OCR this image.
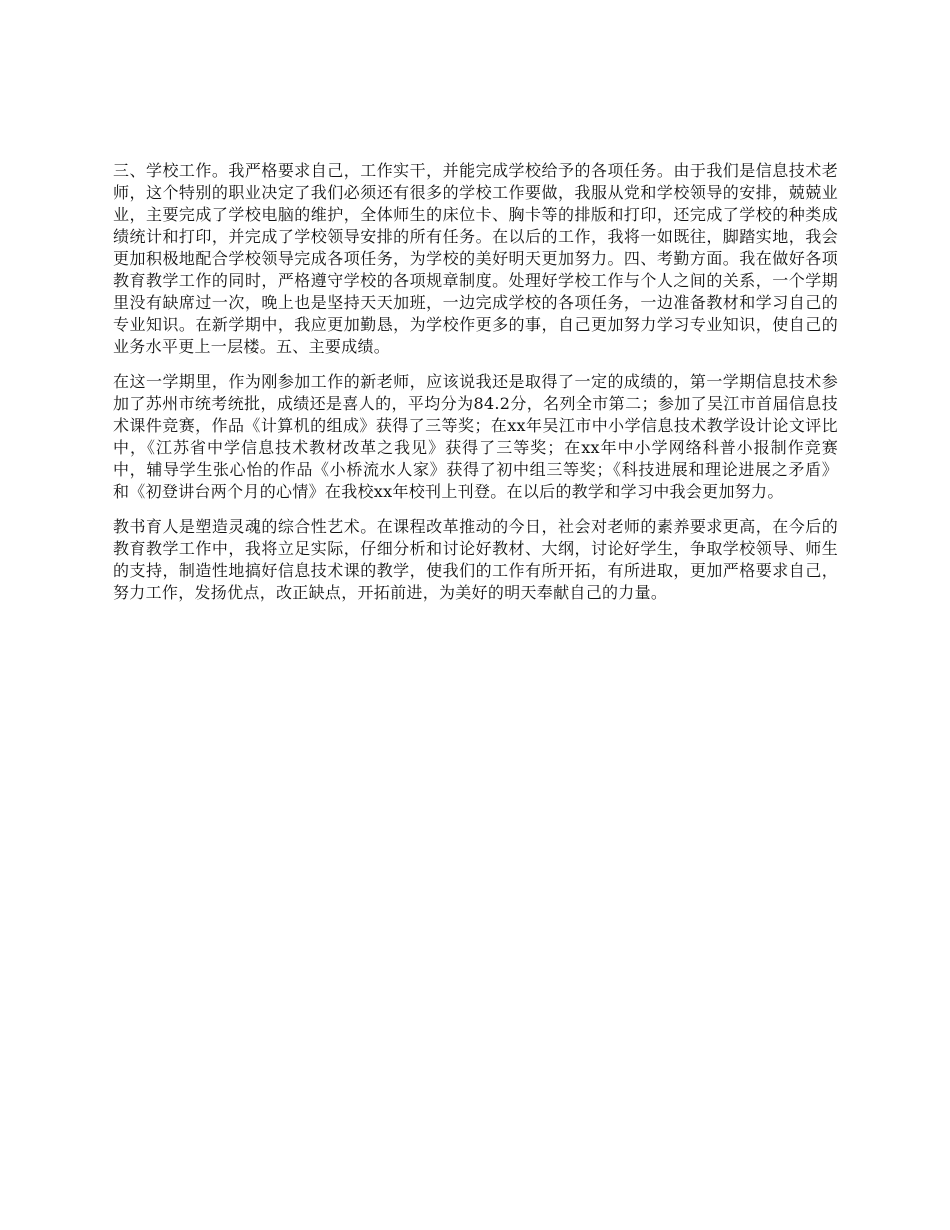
三、学校工作。我严格要求自己，工作实干，并能完成学校给予的各项任务。由于我们是信息技术老师，这个特别的职业决定了我们必须还有很多的学校工作要做，我服从党和学校领导的安排，兢兢业业，主要完成了学校电脑的维护，全体师生的床位卡、胸卡等的排版和打印，还完成了学校的种类成绩统计和打印，并完成了学校领导安排的所有任务。在以后的工作，我将一如既往，脚踏实地，我会更加积极地配合学校领导完成各项任务，为学校的美好明天更加努力。四、考勤方面。我在做好各项教育教学工作的同时，严格遵守学校的各项规章制度。处理好学校工作与个人之间的关系，一个学期里没有缺席过一次，晚上也是坚持天天加班，一边完成学校的各项任务，一边准备教材和学习自己的专业知识。在新学期中，我应更加勤恳，为学校作更多的事，自己更加努力学习专业知识，使自己的业务水平更上一层楼。五、主要成绩。

在这一学期里，作为刚参加工作的新老师，应该说我还是取得了一定的成绩的，第一学期信息技术参加了苏州市统考统批，成绩还是喜人的，平均分为84.2分，名列全市第二；参加了吴江市首届信息技术课件竞赛，作品《计算机的组成》获得了三等奖；在xx年吴江市中小学信息技术教学设计论文评比中，《江苏省中学信息技术教材改革之我见》获得了三等奖；在xx年中小学网络科普小报制作竞赛中，辅导学生张心怡的作品《小桥流水人家》获得了初中组三等奖；《科技进展和理论进展之矛盾》和《初登讲台两个月的心情》在我校xx年校刊上刊登。在以后的教学和学习中我会更加努力。

教书育人是塑造灵魂的综合性艺术。在课程改革推动的今日，社会对老师的素养要求更高，在今后的教育教学工作中，我将立足实际，仔细分析和讨论好教材、大纲，讨论好学生，争取学校领导、师生的支持，制造性地搞好信息技术课的教学，使我们的工作有所开拓，有所进取，更加严格要求自己，努力工作，发扬优点，改正缺点，开拓前进，为美好的明天奉献自己的力量。
